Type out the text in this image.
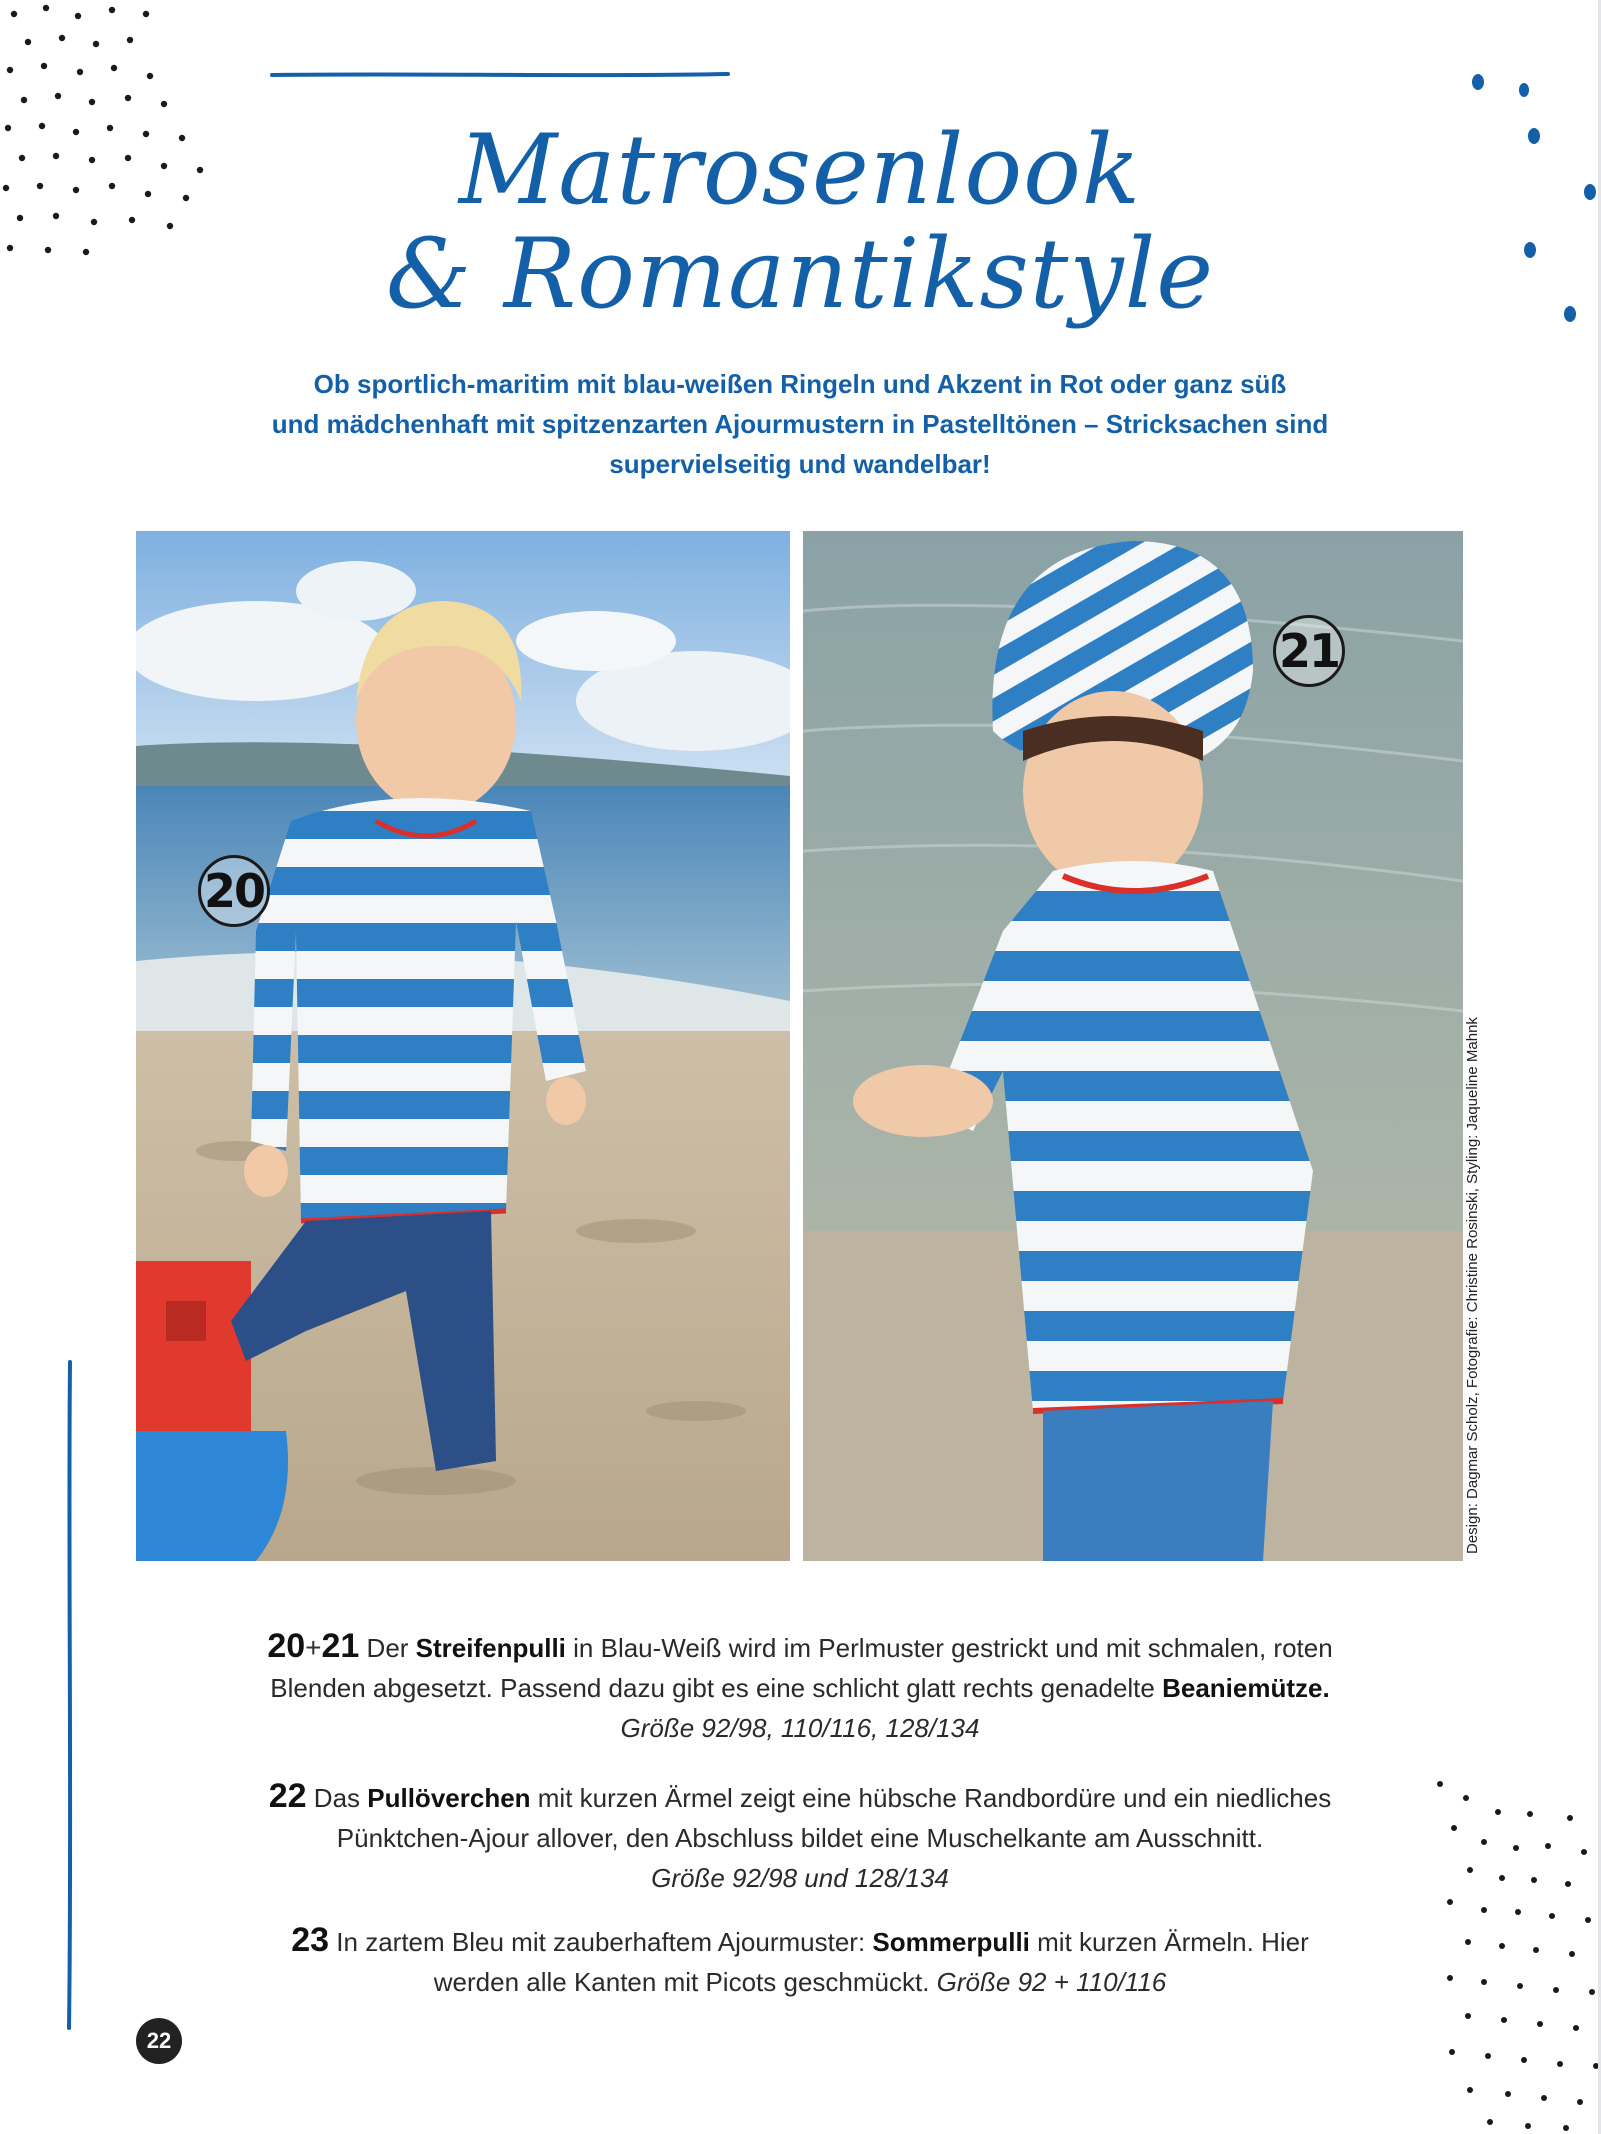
Matrosenlook
& Romantikstyle
Ob sportlich-maritim mit blau-weißen Ringeln und Akzent in Rot oder ganz süß
und mädchenhaft mit spitzenzarten Ajourmustern in Pastelltönen – Stricksachen sind
supervielseitig und wandelbar!
20
21
Design: Dagmar Scholz, Fotografie: Christine Rosinski, Styling: Jaqueline Mahnk
20+21 Der Streifenpulli in Blau-Weiß wird im Perlmuster gestrickt und mit schmalen, roten
Blenden abgesetzt. Passend dazu gibt es eine schlicht glatt rechts genadelte Beaniemütze.
Größe 92/98, 110/116, 128/134
22 Das Pullöverchen mit kurzen Ärmel zeigt eine hübsche Randbordüre und ein niedliches
Pünktchen-Ajour allover, den Abschluss bildet eine Muschelkante am Ausschnitt.
Größe 92/98 und 128/134
23 In zartem Bleu mit zauberhaftem Ajourmuster: Sommerpulli mit kurzen Ärmeln. Hier
werden alle Kanten mit Picots geschmückt. Größe 92 + 110/116
22
